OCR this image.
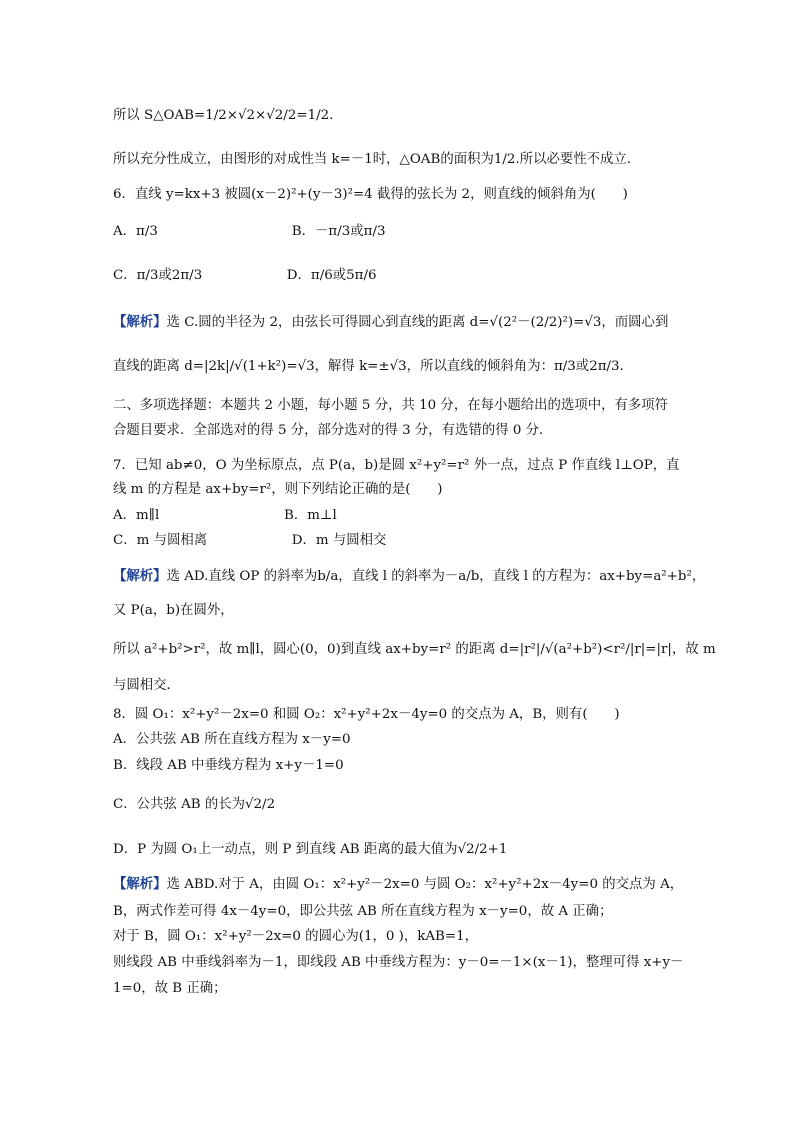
所以 S△OAB=1/2×√2×√2/2=1/2.
所以充分性成立，由图形的对成性当 k=－1时，△OAB的面积为1/2.所以必要性不成立．
6．直线 y=kx+3 被圆(x－2)²+(y－3)²=4 截得的弦长为 2，则直线的倾斜角为(　　)
A．π/3　　　　　　　　　　B．－π/3或π/3
C．π/3或2π/3　　　　　　 D．π/6或5π/6
【解析】选 C.圆的半径为 2，由弦长可得圆心到直线的距离 d=√(2²－(2/2)²)=√3，而圆心到
直线的距离 d=|2k|/√(1+k²)=√3，解得 k=±√3，所以直线的倾斜角为：π/3或2π/3.
二、多项选择题：本题共 2 小题，每小题 5 分，共 10 分，在每小题给出的选项中，有多项符
合题目要求．全部选对的得 5 分，部分选对的得 3 分，有选错的得 0 分．
7．已知 ab≠0，O 为坐标原点，点 P(a，b)是圆 x²+y²=r² 外一点，过点 P 作直线 l⊥OP，直
线 m 的方程是 ax+by=r²，则下列结论正确的是(　　)
A．m∥l　　　　　　　　　 B．m⊥l
C．m 与圆相离　　　　　　 D．m 与圆相交
【解析】选 AD.直线 OP 的斜率为b/a，直线 l 的斜率为－a/b，直线 l 的方程为：ax+by=a²+b²，
又 P(a，b)在圆外，
所以 a²+b²>r²，故 m∥l，圆心(0，0)到直线 ax+by=r² 的距离 d=|r²|/√(a²+b²)<r²/|r|=|r|，故 m
与圆相交．
8．圆 O₁：x²+y²－2x=0 和圆 O₂：x²+y²+2x－4y=0 的交点为 A，B，则有(　　)
A．公共弦 AB 所在直线方程为 x－y=0
B．线段 AB 中垂线方程为 x+y－1=0
C．公共弦 AB 的长为√2/2
D．P 为圆 O₁上一动点，则 P 到直线 AB 距离的最大值为√2/2+1
【解析】选 ABD.对于 A，由圆 O₁：x²+y²－2x=0 与圆 O₂：x²+y²+2x－4y=0 的交点为 A，
B，两式作差可得 4x－4y=0，即公共弦 AB 所在直线方程为 x－y=0，故 A 正确；
对于 B，圆 O₁：x²+y²－2x=0 的圆心为(1，0 )，kAB=1，
则线段 AB 中垂线斜率为－1，即线段 AB 中垂线方程为：y－0=－1×(x－1)，整理可得 x+y－
1=0，故 B 正确；
